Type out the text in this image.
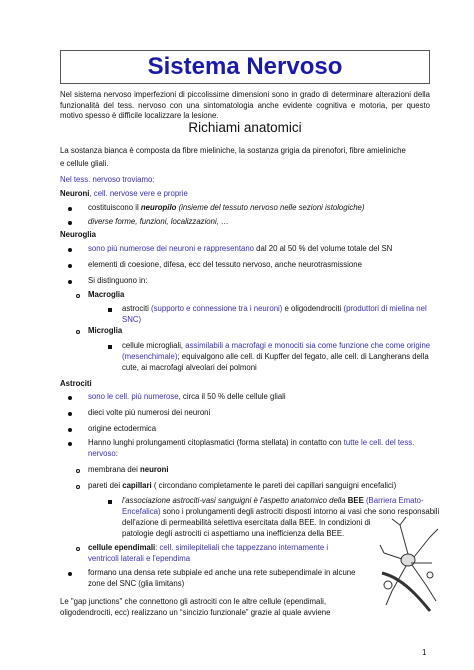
Sistema Nervoso
Nel sistema nervoso imperfezioni di piccolissime dimensioni sono in grado di determinare alterazioni della funzionalità del tess. nervoso con una sintomatologia anche evidente cognitiva e motoria, per questo motivo spesso è difficile localizzare la lesione.
Richiami anatomici
La sostanza bianca è composta da fibre mieliniche, la sostanza grigia da pirenofori, fibre amieliniche
e cellule gliali.
Nel tess. nervoso troviamo:
Neuroni, cell. nervose vere e proprie
costituiscono il neuropilo (insieme del tessuto nervoso nelle sezioni istologiche)
diverse forme, funzioni, localizzazioni, …
Neuroglia
sono più numerose dei neuroni e rappresentano dal 20 al 50 % del volume totale del SN
elementi di coesione, difesa, ecc del tessuto nervoso, anche neurotrasmissione
Si distinguono in:
Macroglia
astrociti (supporto e connessione tra i neuroni) e oligodendrociti (produttori di mielina nel
SNC)
Microglia
cellule microgliali, assimilabili a macrofagi e monociti sia come funzione che come origine
(mesenchimale); equivalgono alle cell. di Kupffer del fegato, alle cell. di Langherans della
cute, ai macrofagi alveolari dei polmoni
Astrociti
sono le cell. più numerose, circa il 50 % delle cellule gliali
dieci volte più numerosi dei neuroni
origine ectodermica
Hanno lunghi prolungamenti citoplasmatici (forma stellata) in contatto con tutte le cell. del tess.
nervoso:
membrana dei neuroni
pareti dei capillari ( circondano completamente le pareti dei capillari sanguigni encefalici)
l'associazione astrociti-vasi sanguigni è l'aspetto anatomico della BEE (Barriera Emato-
Encefalica) sono i prolungamenti degli astrociti disposti intorno ai vasi che sono responsabili
dell'azione di permeabilità selettiva esercitata dalla BEE. In condizioni di
patologie degli astrociti ci aspettiamo una inefficienza della BEE.
cellule ependimali: cell. similepiteliali che tappezzano internamente i
ventricoli laterali e l'ependima
formano una densa rete subpiale ed anche una rete subependimale in alcune
zone del SNC (glia limitans)
Le "gap junctions" che connettono gli astrociti con le altre cellule (ependimali,
oligodendrociti, ecc) realizzano un “sincizio funzionale” grazie al quale avviene
1
